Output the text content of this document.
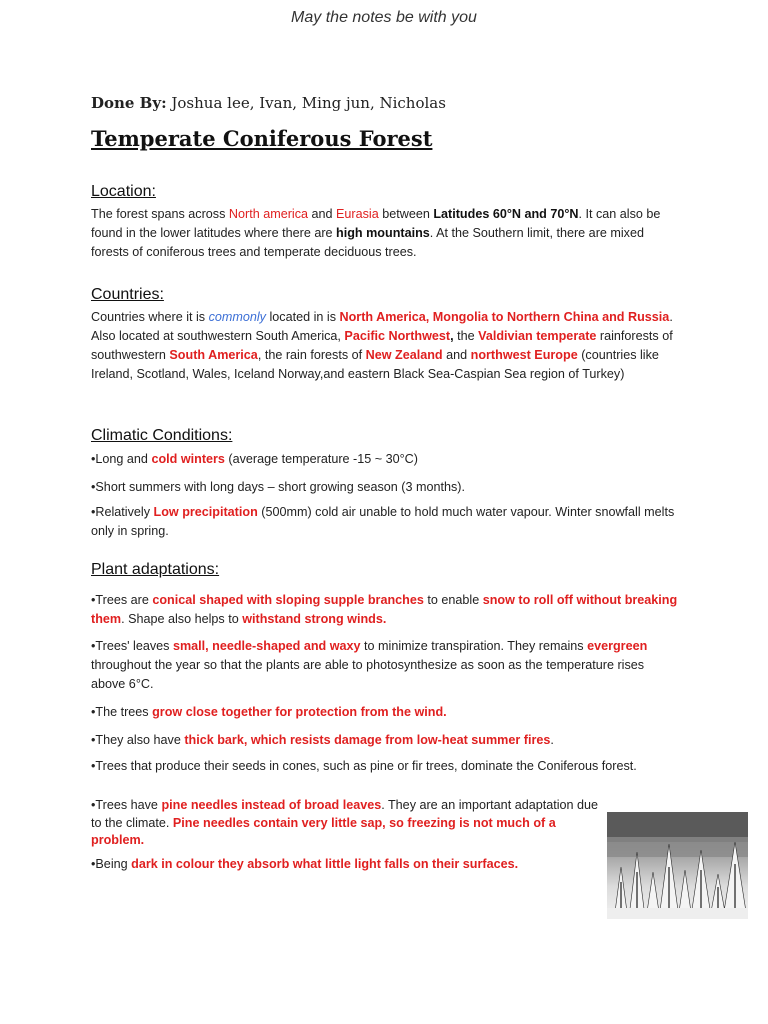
May the notes be with you
Done By: Joshua lee, Ivan, Ming jun, Nicholas
Temperate Coniferous Forest
Location:
The forest spans across North america and Eurasia between Latitudes 60°N and 70°N. It can also be found in the lower latitudes where there are high mountains. At the Southern limit, there are mixed forests of coniferous trees and temperate deciduous trees.
Countries:
Countries where it is commonly located in is North America, Mongolia to Northern China and Russia. Also located at southwestern South America, Pacific Northwest, the Valdivian temperate rainforests of southwestern South America, the rain forests of New Zealand and northwest Europe (countries like Ireland, Scotland, Wales, Iceland Norway,and eastern Black Sea-Caspian Sea region of Turkey)
Climatic Conditions:
•Long and cold winters (average temperature -15 ~ 30°C)
•Short summers with long days – short growing season (3 months).
•Relatively Low precipitation (500mm) cold air unable to hold much water vapour. Winter snowfall melts only in spring.
Plant adaptations:
•Trees are conical shaped with sloping supple branches to enable snow to roll off without breaking them. Shape also helps to withstand strong winds.
•Trees' leaves small, needle-shaped and waxy to minimize transpiration. They remains evergreen throughout the year so that the plants are able to photosynthesize as soon as the temperature rises above 6°C.
•The trees grow close together for protection from the wind.
•They also have thick bark, which resists damage from low-heat summer fires.
•Trees that produce their seeds in cones, such as pine or fir trees, dominate the Coniferous forest.
•Trees have pine needles instead of broad leaves. They are an important adaptation due to the climate. Pine needles contain very little sap, so freezing is not much of a problem.
•Being dark in colour they absorb what little light falls on their surfaces.
